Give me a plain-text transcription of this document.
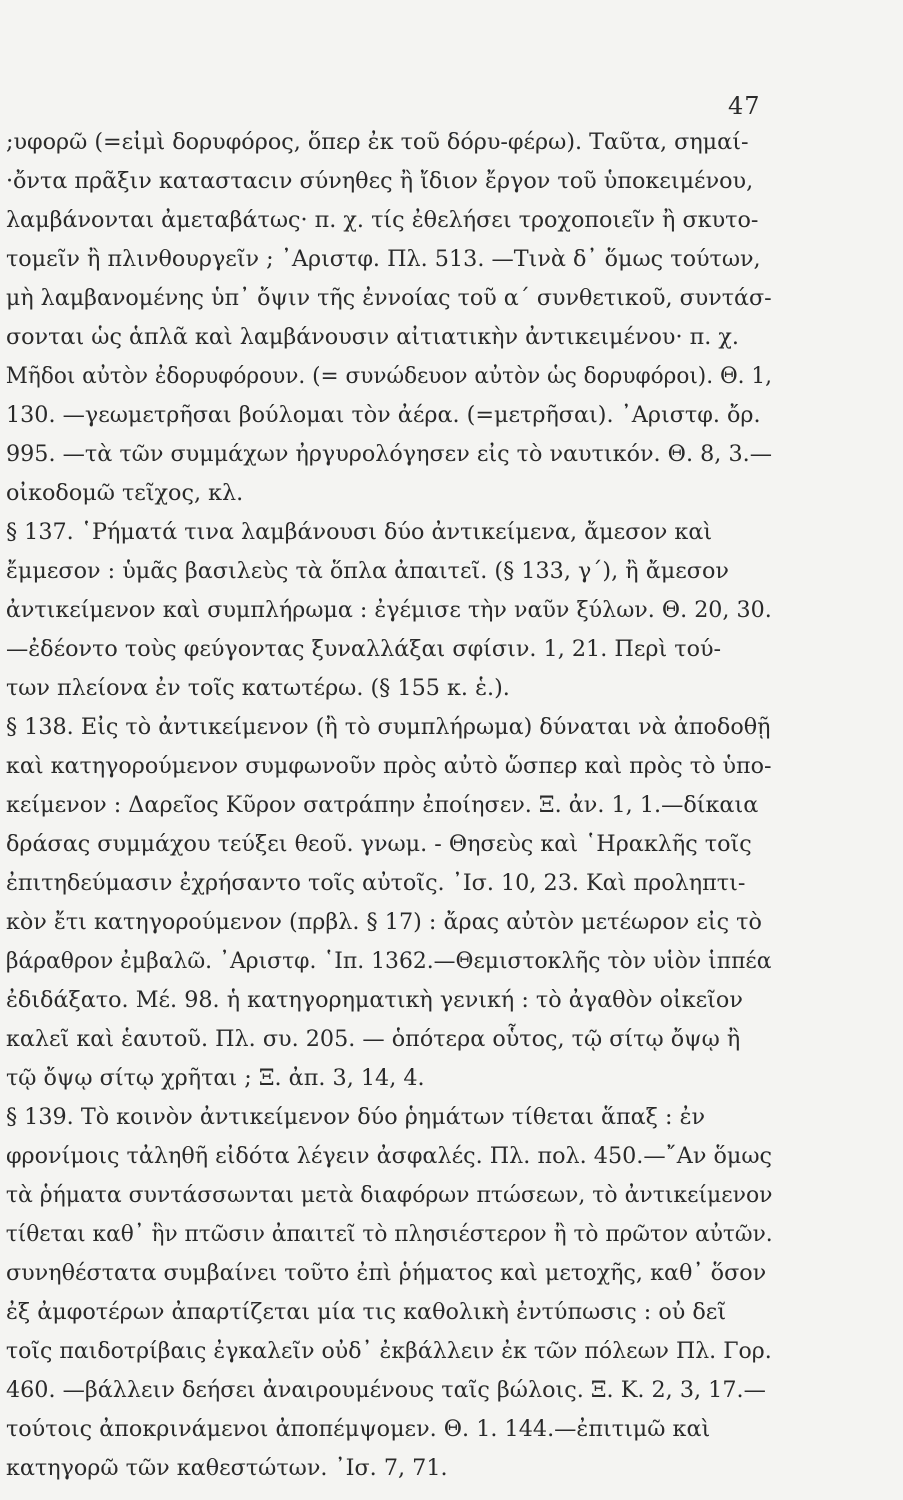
47
;υφορῶ (=εἰμὶ δορυφόρος, ὅπερ ἐκ τοῦ δόρυ-φέρω). Ταῦτα, σημαί-
·ὄντα πρᾶξιν κατασταϲιν σύνηθες ἢ ἴδιον ἔργον τοῦ ὑποκειμένου,
λαμβάνονται ἀμεταβάτως· π. χ. τίς ἐθελήσει τροχοποιεῖν ἢ σκυτο-
τομεῖν ἢ πλινθουργεῖν ; ᾿Αριστφ. Πλ. 513. —Τινὰ δ᾿ ὅμως τούτων,
μὴ λαμβανομένης ὑπ᾿ ὄψιν τῆς ἐννοίας τοῦ α΄ συνθετικοῦ, συντάσ-
σονται ὡς ἁπλᾶ καὶ λαμβάνουσιν αἰτιατικὴν ἀντικειμένου· π. χ.
Μῆδοι αὐτὸν ἐδορυφόρουν. (= συνώδευον αὐτὸν ὡς δορυφόροι). Θ. 1,
130. —γεωμετρῆσαι βούλομαι τὸν ἀέρα. (=μετρῆσαι). ᾿Αριστφ. ὄρ.
995. —τὰ τῶν συμμάχων ἠργυρολόγησεν εἰς τὸ ναυτικόν. Θ. 8, 3.—
οἰκοδομῶ τεῖχος, κλ.
§ 137. ῾Ρήματά τινα λαμβάνουσι δύο ἀντικείμενα, ἄμεσον καὶ
ἔμμεσον : ὑμᾶς βασιλεὺς τὰ ὅπλα ἀπαιτεῖ. (§ 133, γ΄), ἢ ἄμεσον
ἀντικείμενον καὶ συμπλήρωμα : ἐγέμισε τὴν ναῦν ξύλων. Θ. 20, 30.
—ἐδέοντο τοὺς φεύγοντας ξυναλλάξαι σφίσιν. 1, 21. Περὶ τού-
των πλείονα ἐν τοῖς κατωτέρω. (§ 155 κ. ἑ.).
§ 138. Εἰς τὸ ἀντικείμενον (ἢ τὸ συμπλήρωμα) δύναται νὰ ἀποδοθῇ
καὶ κατηγορούμενον συμφωνοῦν πρὸς αὐτὸ ὥσπερ καὶ πρὸς τὸ ὑπο-
κείμενον : Δαρεῖος Κῦρον σατράπην ἐποίησεν. Ξ. ἀν. 1, 1.—δίκαια
δράσας συμμάχου τεύξει θεοῦ. γνωμ. - Θησεὺς καὶ ῾Ηρακλῆς τοῖς
ἐπιτηδεύμασιν ἐχρήσαντο τοῖς αὐτοῖς. ᾿Ισ. 10, 23. Καὶ προληπτι-
κὸν ἔτι κατηγορούμενον (πρβλ. § 17) : ἄρας αὐτὸν μετέωρον εἰς τὸ
βάραθρον ἐμβαλῶ. ᾿Αριστφ. ῾Ιπ. 1362.—Θεμιστοκλῆς τὸν υἱὸν ἱππέα
ἐδιδάξατο. Μέ. 98. ἡ κατηγορηματικὴ γενική : τὸ ἀγαθὸν οἰκεῖον
καλεῖ καὶ ἑαυτοῦ. Πλ. συ. 205. — ὁπότερα οὗτος, τῷ σίτῳ ὄψῳ ἢ
τῷ ὄψῳ σίτῳ χρῆται ; Ξ. ἀπ. 3, 14, 4.
§ 139. Τὸ κοινὸν ἀντικείμενον δύο ῥημάτων τίθεται ἅπαξ : ἐν
φρονίμοις τἀληθῆ εἰδότα λέγειν ἀσφαλές. Πλ. πολ. 450.—῎Αν ὅμως
τὰ ῥήματα συντάσσωνται μετὰ διαφόρων πτώσεων, τὸ ἀντικείμενον
τίθεται καθ᾿ ἣν πτῶσιν ἀπαιτεῖ τὸ πλησιέστερον ἢ τὸ πρῶτον αὐτῶν.
συνηθέστατα συμβαίνει τοῦτο ἐπὶ ῥήματος καὶ μετοχῆς, καθ᾿ ὅσον
ἐξ ἀμφοτέρων ἀπαρτίζεται μία τις καθολικὴ ἐντύπωσις : οὐ δεῖ
τοῖς παιδοτρίβαις ἐγκαλεῖν οὐδ᾿ ἐκβάλλειν ἐκ τῶν πόλεων Πλ. Γορ.
460. —βάλλειν δεήσει ἀναιρουμένους ταῖς βώλοις. Ξ. Κ. 2, 3, 17.—
τούτοις ἀποκρινάμενοι ἀποπέμψομεν. Θ. 1. 144.—ἐπιτιμῶ καὶ
κατηγορῶ τῶν καθεστώτων. ᾿Ισ. 7, 71.
